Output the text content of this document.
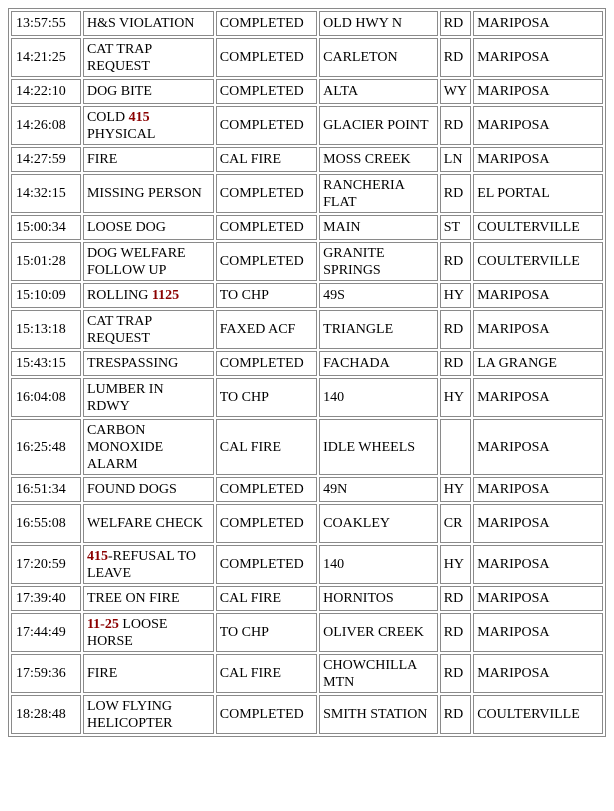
13:57:55	H&S VIOLATION	COMPLETED	OLD HWY N	RD	MARIPOSA
14:21:25	CAT TRAP REQUEST	COMPLETED	CARLETON	RD	MARIPOSA
14:22:10	DOG BITE	COMPLETED	ALTA	WY	MARIPOSA
14:26:08	COLD 415 PHYSICAL	COMPLETED	GLACIER POINT	RD	MARIPOSA
14:27:59	FIRE	CAL FIRE	MOSS CREEK	LN	MARIPOSA
14:32:15	MISSING PERSON	COMPLETED	RANCHERIA FLAT	RD	EL PORTAL
15:00:34	LOOSE DOG	COMPLETED	MAIN	ST	COULTERVILLE
15:01:28	DOG WELFARE FOLLOW UP	COMPLETED	GRANITE SPRINGS	RD	COULTERVILLE
15:10:09	ROLLING 1125	TO CHP	49S	HY	MARIPOSA
15:13:18	CAT TRAP REQUEST	FAXED ACF	TRIANGLE	RD	MARIPOSA
15:43:15	TRESPASSING	COMPLETED	FACHADA	RD	LA GRANGE
16:04:08	LUMBER IN RDWY	TO CHP	140	HY	MARIPOSA
16:25:48	CARBON MONOXIDE ALARM	CAL FIRE	IDLE WHEELS		MARIPOSA
16:51:34	FOUND DOGS	COMPLETED	49N	HY	MARIPOSA
16:55:08	WELFARE CHECK	COMPLETED	COAKLEY	CR	MARIPOSA
17:20:59	415-REFUSAL TO LEAVE	COMPLETED	140	HY	MARIPOSA
17:39:40	TREE ON FIRE	CAL FIRE	HORNITOS	RD	MARIPOSA
17:44:49	11-25 LOOSE HORSE	TO CHP	OLIVER CREEK	RD	MARIPOSA
17:59:36	FIRE	CAL FIRE	CHOWCHILLA MTN	RD	MARIPOSA
18:28:48	LOW FLYING HELICOPTER	COMPLETED	SMITH STATION	RD	COULTERVILLE
